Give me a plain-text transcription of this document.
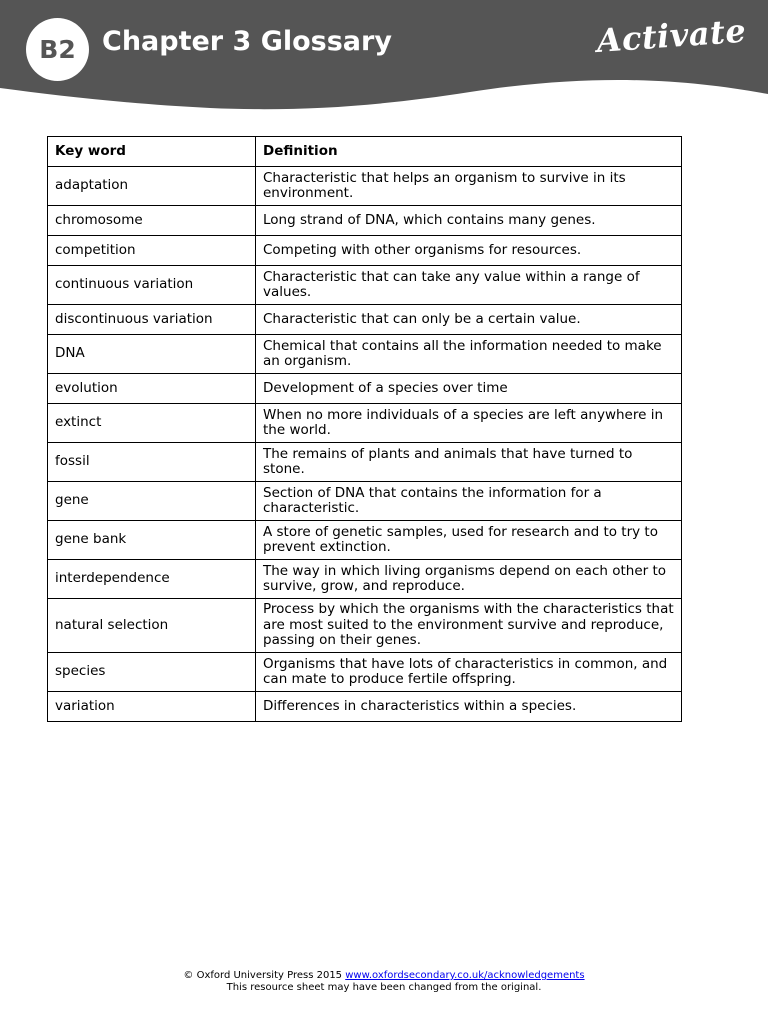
B2 Chapter 3 Glossary	Activate
Key word	Definition
adaptation	Characteristic that helps an organism to survive in its environment.
chromosome	Long strand of DNA, which contains many genes.
competition	Competing with other organisms for resources.
continuous variation	Characteristic that can take any value within a range of values.
discontinuous variation	Characteristic that can only be a certain value.
DNA	Chemical that contains all the information needed to make an organism.
evolution	Development of a species over time
extinct	When no more individuals of a species are left anywhere in the world.
fossil	The remains of plants and animals that have turned to stone.
gene	Section of DNA that contains the information for a characteristic.
gene bank	A store of genetic samples, used for research and to try to prevent extinction.
interdependence	The way in which living organisms depend on each other to survive, grow, and reproduce.
natural selection	Process by which the organisms with the characteristics that are most suited to the environment survive and reproduce, passing on their genes.
species	Organisms that have lots of characteristics in common, and can mate to produce fertile offspring.
variation	Differences in characteristics within a species.
© Oxford University Press 2015 www.oxfordsecondary.co.uk/acknowledgements
This resource sheet may have been changed from the original.
